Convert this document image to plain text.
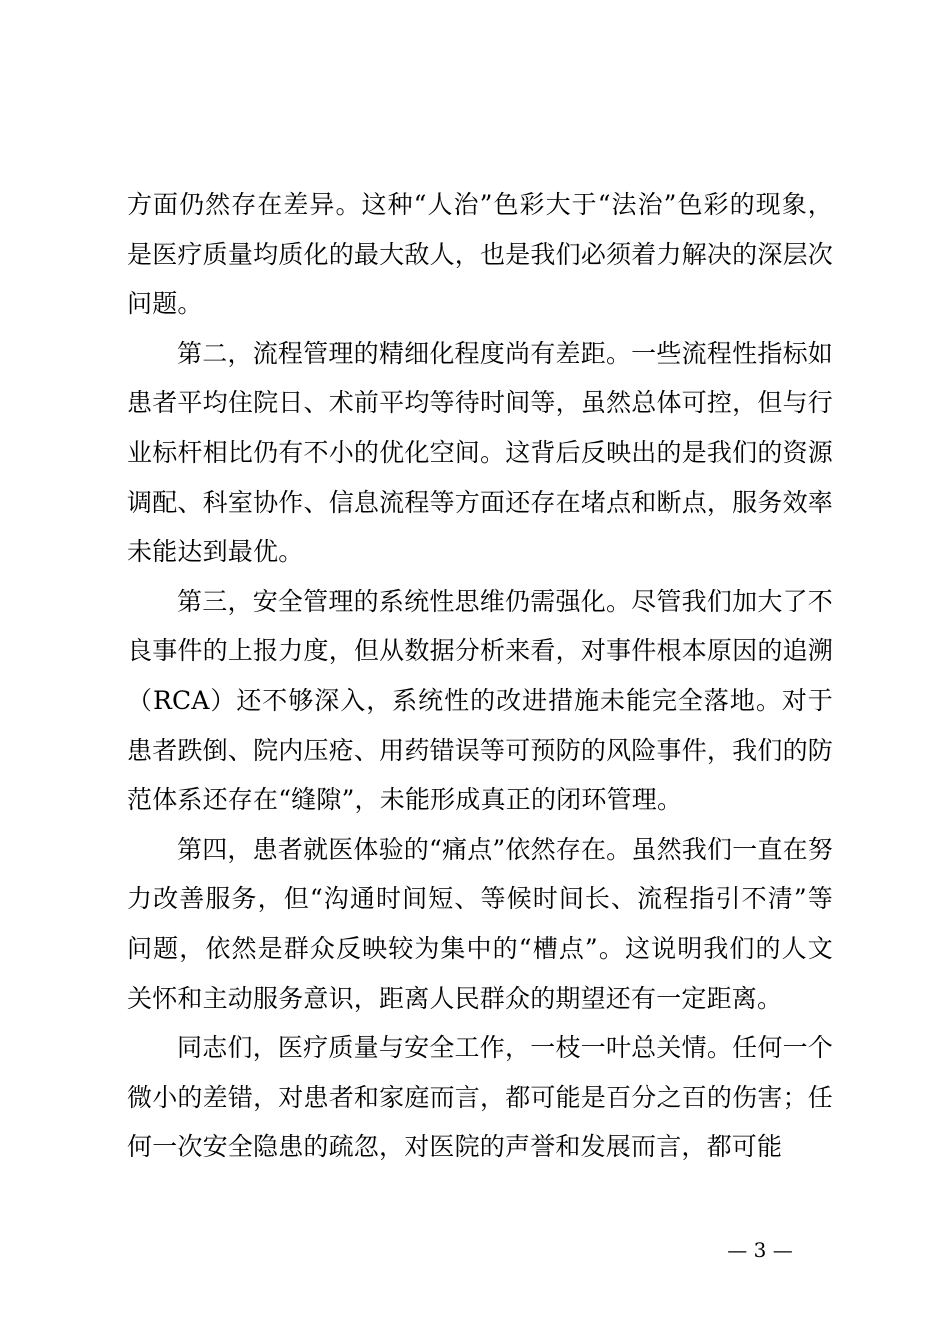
方面仍然存在差异。这种“人治”色彩大于“法治”色彩的现象，是医疗质量均质化的最大敌人，也是我们必须着力解决的深层次问题。

第二，流程管理的精细化程度尚有差距。一些流程性指标如患者平均住院日、术前平均等待时间等，虽然总体可控，但与行业标杆相比仍有不小的优化空间。这背后反映出的是我们的资源调配、科室协作、信息流程等方面还存在堵点和断点，服务效率未能达到最优。

第三，安全管理的系统性思维仍需强化。尽管我们加大了不良事件的上报力度，但从数据分析来看，对事件根本原因的追溯（RCA）还不够深入，系统性的改进措施未能完全落地。对于患者跌倒、院内压疮、用药错误等可预防的风险事件，我们的防范体系还存在“缝隙”，未能形成真正的闭环管理。

第四，患者就医体验的“痛点”依然存在。虽然我们一直在努力改善服务，但“沟通时间短、等候时间长、流程指引不清”等问题，依然是群众反映较为集中的“槽点”。这说明我们的人文关怀和主动服务意识，距离人民群众的期望还有一定距离。

同志们，医疗质量与安全工作，一枝一叶总关情。任何一个微小的差错，对患者和家庭而言，都可能是百分之百的伤害；任何一次安全隐患的疏忽，对医院的声誉和发展而言，都可能

— 3 —
